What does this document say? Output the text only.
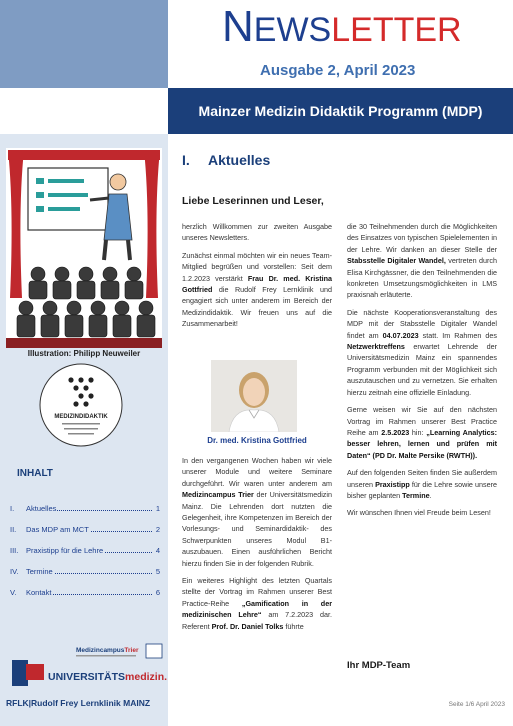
NEWSLETTER
Ausgabe 2, April 2023
Mainzer Medizin Didaktik Programm (MDP)
Illustration: Philipp Neuweiler
MEDIZINDIDAKTIK
INHALT
I.	Aktuelles	1
II.	Das MDP am MCT	2
III.	Praxistipp für die Lehre	4
IV.	Termine	5
V.	Kontakt	6
MedizincampusTrier
UNIVERSITÄTSmedizin.
RFLK|Rudolf Frey Lernklinik MAINZ
I. Aktuelles
Liebe Leserinnen und Leser,

herzlich Willkommen zur zweiten Ausgabe unseres Newsletters.

Zunächst einmal möchten wir ein neues Team-Mitglied begrüßen und vorstellen: Seit dem 1.2.2023 verstärkt Frau Dr. med. Kristina Gottfried die Rudolf Frey Lernklinik und engagiert sich unter anderem im Bereich der Medizindidaktik. Wir freuen uns auf die Zusammenarbeit!

Dr. med. Kristina Gottfried

In den vergangenen Wochen haben wir viele unserer Module und weitere Seminare durchgeführt. Wir waren unter anderem am Medizincampus Trier der Universitätsmedizin Mainz. Die Lehrenden dort nutzten die Gelegenheit, ihre Kompetenzen im Bereich der Vorlesungs- und Seminardidaktik- des Schwerpunkten unseres Modul B1- auszubauen. Einen ausführlichen Bericht hierzu finden Sie in der folgenden Rubrik.

Ein weiteres Highlight des letzten Quartals stellte der Vortrag im Rahmen unserer Best Practice-Reihe „Gamification in der medizinischen Lehre“ am 7.2.2023 dar. Referent Prof. Dr. Daniel Tolks führte

die 30 Teilnehmenden durch die Möglichkeiten des Einsatzes von typischen Spielelementen in der Lehre. Wir danken an dieser Stelle der Stabsstelle Digitaler Wandel, vertreten durch Elisa Kirchgässner, die den Teilnehmenden die konkreten Umsetzungsmöglichkeiten in LMS praxisnah erläuterte.

Die nächste Kooperationsveranstaltung des MDP mit der Stabsstelle Digitaler Wandel findet am 04.07.2023 statt. Im Rahmen des Netzwerktreffens erwartet Lehrende der Universitätsmedizin Mainz ein spannendes Programm verbunden mit der Möglichkeit sich auszutauschen und zu vernetzen. Sie erhalten hierzu zeitnah eine offizielle Einladung.

Gerne weisen wir Sie auf den nächsten Vortrag im Rahmen unserer Best Practice Reihe am 2.5.2023 hin: „Learning Analytics: besser lehren, lernen und prüfen mit Daten“ (PD Dr. Malte Persike (RWTH)).

Auf den folgenden Seiten finden Sie außerdem unseren Praxistipp für die Lehre sowie unsere bisher geplanten Termine.

Wir wünschen Ihnen viel Freude beim Lesen!

Ihr MDP-Team
Seite 1/6 April 2023
